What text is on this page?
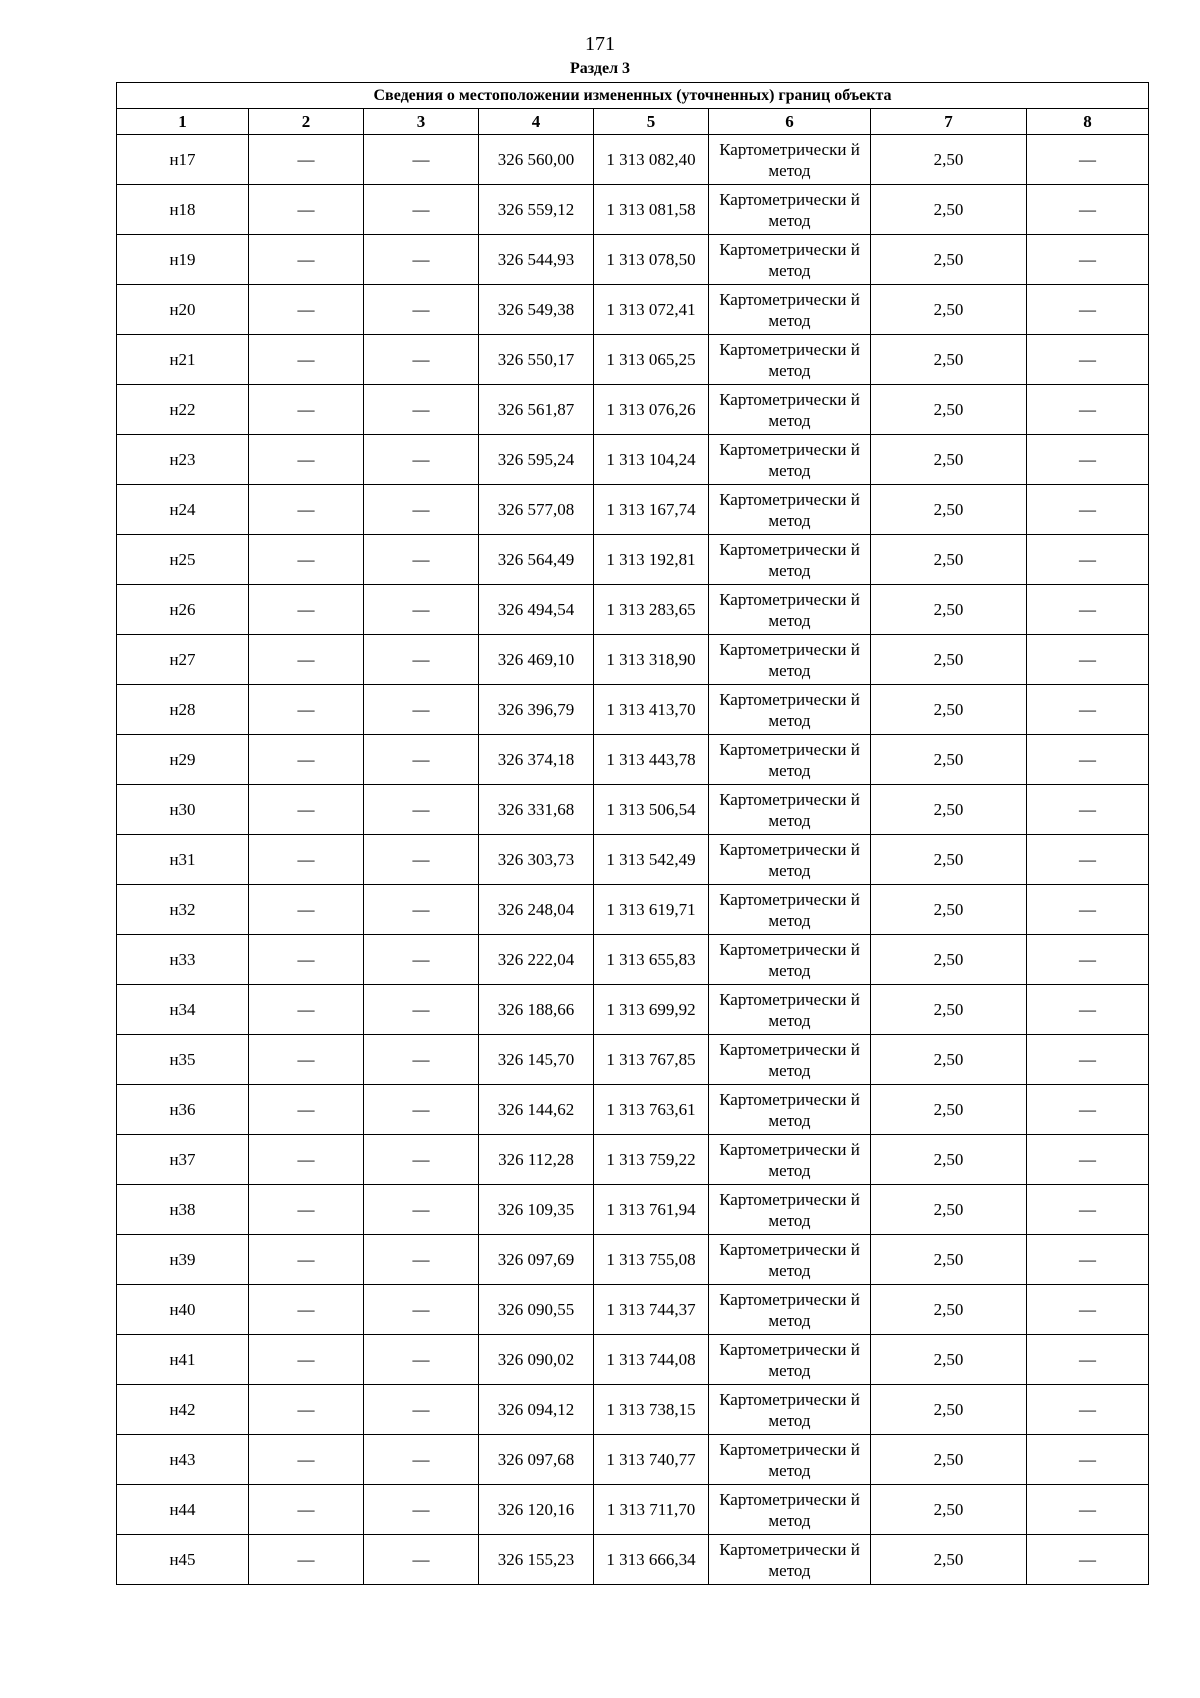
171
Раздел 3
Сведения о местоположении измененных (уточненных) границ объекта							
1	2	3	4	5	6	7	8
н17	—	—	326 560,00	1 313 082,40	Картометрически й метод	2,50	—
н18	—	—	326 559,12	1 313 081,58	Картометрически й метод	2,50	—
н19	—	—	326 544,93	1 313 078,50	Картометрически й метод	2,50	—
н20	—	—	326 549,38	1 313 072,41	Картометрически й метод	2,50	—
н21	—	—	326 550,17	1 313 065,25	Картометрически й метод	2,50	—
н22	—	—	326 561,87	1 313 076,26	Картометрически й метод	2,50	—
н23	—	—	326 595,24	1 313 104,24	Картометрически й метод	2,50	—
н24	—	—	326 577,08	1 313 167,74	Картометрически й метод	2,50	—
н25	—	—	326 564,49	1 313 192,81	Картометрически й метод	2,50	—
н26	—	—	326 494,54	1 313 283,65	Картометрически й метод	2,50	—
н27	—	—	326 469,10	1 313 318,90	Картометрически й метод	2,50	—
н28	—	—	326 396,79	1 313 413,70	Картометрически й метод	2,50	—
н29	—	—	326 374,18	1 313 443,78	Картометрически й метод	2,50	—
н30	—	—	326 331,68	1 313 506,54	Картометрически й метод	2,50	—
н31	—	—	326 303,73	1 313 542,49	Картометрически й метод	2,50	—
н32	—	—	326 248,04	1 313 619,71	Картометрически й метод	2,50	—
н33	—	—	326 222,04	1 313 655,83	Картометрически й метод	2,50	—
н34	—	—	326 188,66	1 313 699,92	Картометрически й метод	2,50	—
н35	—	—	326 145,70	1 313 767,85	Картометрически й метод	2,50	—
н36	—	—	326 144,62	1 313 763,61	Картометрически й метод	2,50	—
н37	—	—	326 112,28	1 313 759,22	Картометрически й метод	2,50	—
н38	—	—	326 109,35	1 313 761,94	Картометрически й метод	2,50	—
н39	—	—	326 097,69	1 313 755,08	Картометрически й метод	2,50	—
н40	—	—	326 090,55	1 313 744,37	Картометрически й метод	2,50	—
н41	—	—	326 090,02	1 313 744,08	Картометрически й метод	2,50	—
н42	—	—	326 094,12	1 313 738,15	Картометрически й метод	2,50	—
н43	—	—	326 097,68	1 313 740,77	Картометрически й метод	2,50	—
н44	—	—	326 120,16	1 313 711,70	Картометрически й метод	2,50	—
н45	—	—	326 155,23	1 313 666,34	Картометрически й метод	2,50	—
